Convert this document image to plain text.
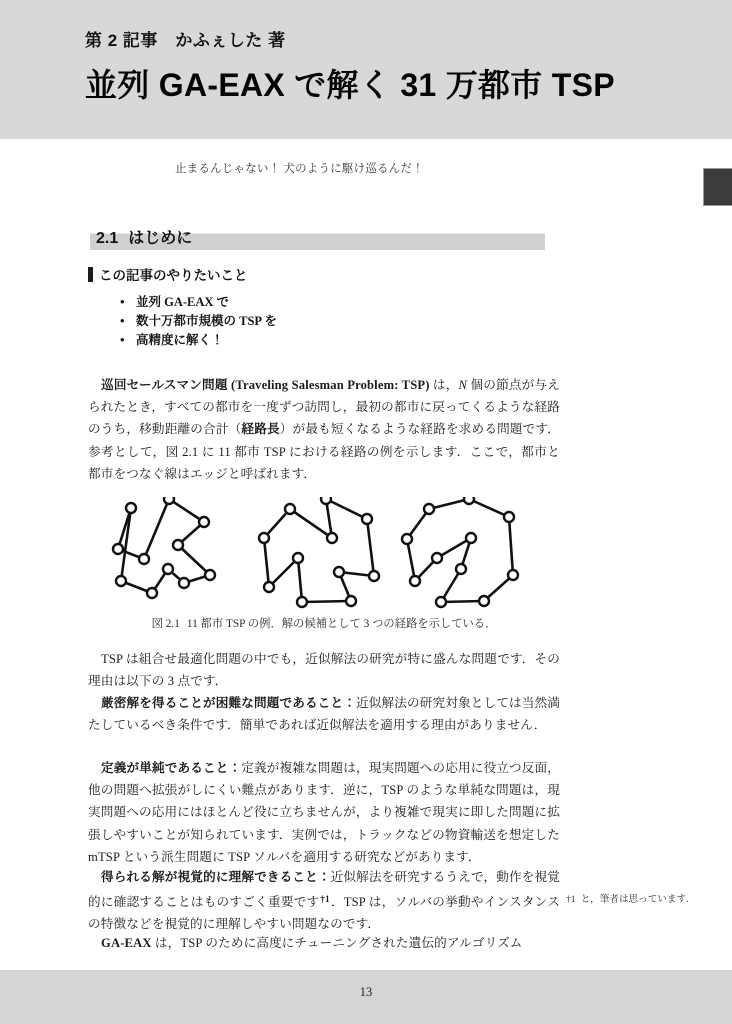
第 2 記事　かふぇした 著
並列 GA-EAX で解く 31 万都市 TSP
止まるんじゃない！ 犬のように駆け巡るんだ！
2.1 はじめに
この記事のやりたいこと
• 並列 GA-EAX で
• 数十万都市規模の TSP を
• 高精度に解く！

巡回セールスマン問題 (Traveling Salesman Problem: TSP) は，N 個の節点が与えられたとき，すべての都市を一度ずつ訪問し，最初の都市に戻ってくるような経路のうち，移動距離の合計（経路長）が最も短くなるような経路を求める問題です．参考として，図 2.1 に 11 都市 TSP における経路の例を示します．ここで，都市と都市をつなぐ線はエッジと呼ばれます．

図 2.1 11 都市 TSP の例．解の候補として 3 つの経路を示している．

TSP は組合せ最適化問題の中でも，近似解法の研究が特に盛んな問題です．その理由は以下の 3 点です．

厳密解を得ることが困難な問題であること：近似解法の研究対象としては当然満たしているべき条件です．簡単であれば近似解法を適用する理由がありません．

定義が単純であること：定義が複雑な問題は，現実問題への応用に役立つ反面，他の問題へ拡張がしにくい難点があります．逆に，TSP のような単純な問題は，現実問題への応用にはほとんど役に立ちませんが，より複雑で現実に即した問題に拡張しやすいことが知られています．実例では，トラックなどの物資輸送を想定した mTSP という派生問題に TSP ソルバを適用する研究などがあります．

得られる解が視覚的に理解できること：近似解法を研究するうえで，動作を視覚的に確認することはものすごく重要です$^{\dagger 1}$．TSP は，ソルバの挙動やインスタンスの特徴などを視覚的に理解しやすい問題なのです．

GA-EAX は，TSP のために高度にチューニングされた遺伝的アルゴリズム

†1 と，筆者は思っています.
13
